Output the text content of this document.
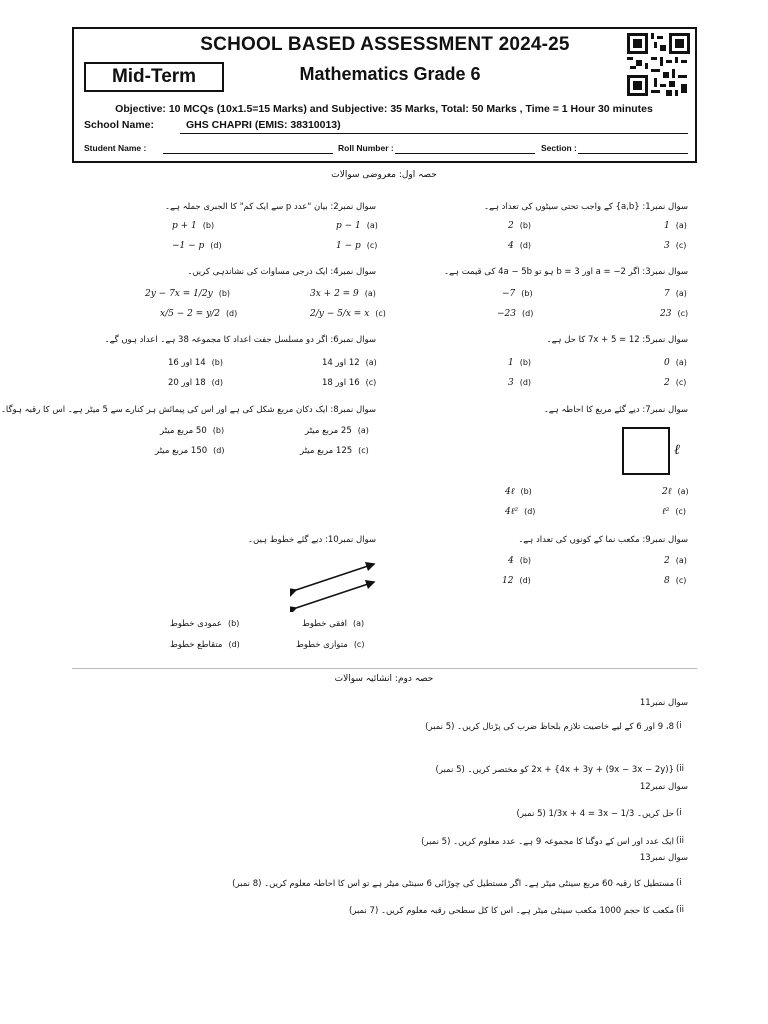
SCHOOL BASED ASSESSMENT 2024-25
Mid-Term	Mathematics Grade 6
Objective: 10 MCQs (10x1.5=15 Marks) and Subjective: 35 Marks, Total: 50 Marks , Time = 1 Hour 30 minutes
School Name:	GHS CHAPRI (EMIS: 38310013)
Student Name :	Roll Number :	Section :
حصہ اول: معروضی سوالات
سوال نمبر1: {a,b} کے واجب تحتی سیٹوں کی تعداد ہے۔
1 (a)
2 (b)
3 (c)
4 (d)
سوال نمبر2: بیان "عدد p سے ایک کم" کا الجبری جملہ ہے۔
p − 1 (a)
p + 1 (b)
1 − p (c)
−1 − p (d)
سوال نمبر3: اگر a = −2 اور b = 3 ہو تو 4a − 5b کی قیمت ہے۔
7 (a)
−7 (b)
23 (c)
−23 (d)
سوال نمبر4: ایک درجی مساوات کی نشاندہی کریں۔
3x + 2 = 9 (a)
2y − 7x = 1/2y (b)
2/y − 5/x = x (c)
x/5 − 2 = y/2 (d)
سوال نمبر5: 7x + 5 = 12 کا حل ہے۔
0 (a)
1 (b)
2 (c)
3 (d)
سوال نمبر6: اگر دو مسلسل جفت اعداد کا مجموعہ 38 ہے۔ اعداد ہوں گے۔
12 اور 14 (a)
14 اور 16 (b)
16 اور 18 (c)
18 اور 20 (d)
سوال نمبر7: دیے گئے مربع کا احاطہ ہے۔
ℓ
2ℓ (a)
4ℓ (b)
ℓ² (c)
4ℓ² (d)
سوال نمبر8: ایک دکان مربع شکل کی ہے اور اس کی پیمائش ہر کنارے سے 5 میٹر ہے۔ اس کا رقبہ ہوگا۔
25 مربع میٹر (a)
50 مربع میٹر (b)
125 مربع میٹر (c)
150 مربع میٹر (d)
سوال نمبر9: مکعب نما کے کونوں کی تعداد ہے۔
2 (a)
4 (b)
8 (c)
12 (d)
سوال نمبر10: دیے گئے خطوط ہیں۔
افقی خطوط (a)
عمودی خطوط (b)
متوازی خطوط (c)
متقاطع خطوط (d)
حصہ دوم: انشائیہ سوالات
سوال نمبر11
(i
8، 9 اور 6 کے لیے خاصیت تلازم بلحاظ ضرب کی پڑتال کریں۔ (5 نمبر)
(ii
2x + {4x + 3y + (9x − 3x − 2y)} کو مختصر کریں۔ (5 نمبر)
سوال نمبر12
(i
حل کریں۔ 1/3x + 4 = 3x − 1/3 (5 نمبر)
(ii
ایک عدد اور اس کے دوگنا کا مجموعہ 9 ہے۔ عدد معلوم کریں۔ (5 نمبر)
سوال نمبر13
(i
مستطیل کا رقبہ 60 مربع سینٹی میٹر ہے۔ اگر مستطیل کی چوڑائی 6 سینٹی میٹر ہے تو اس کا احاطہ معلوم کریں۔ (8 نمبر)
(ii
مکعب کا حجم 1000 مکعب سینٹی میٹر ہے۔ اس کا کل سطحی رقبہ معلوم کریں۔ (7 نمبر)
